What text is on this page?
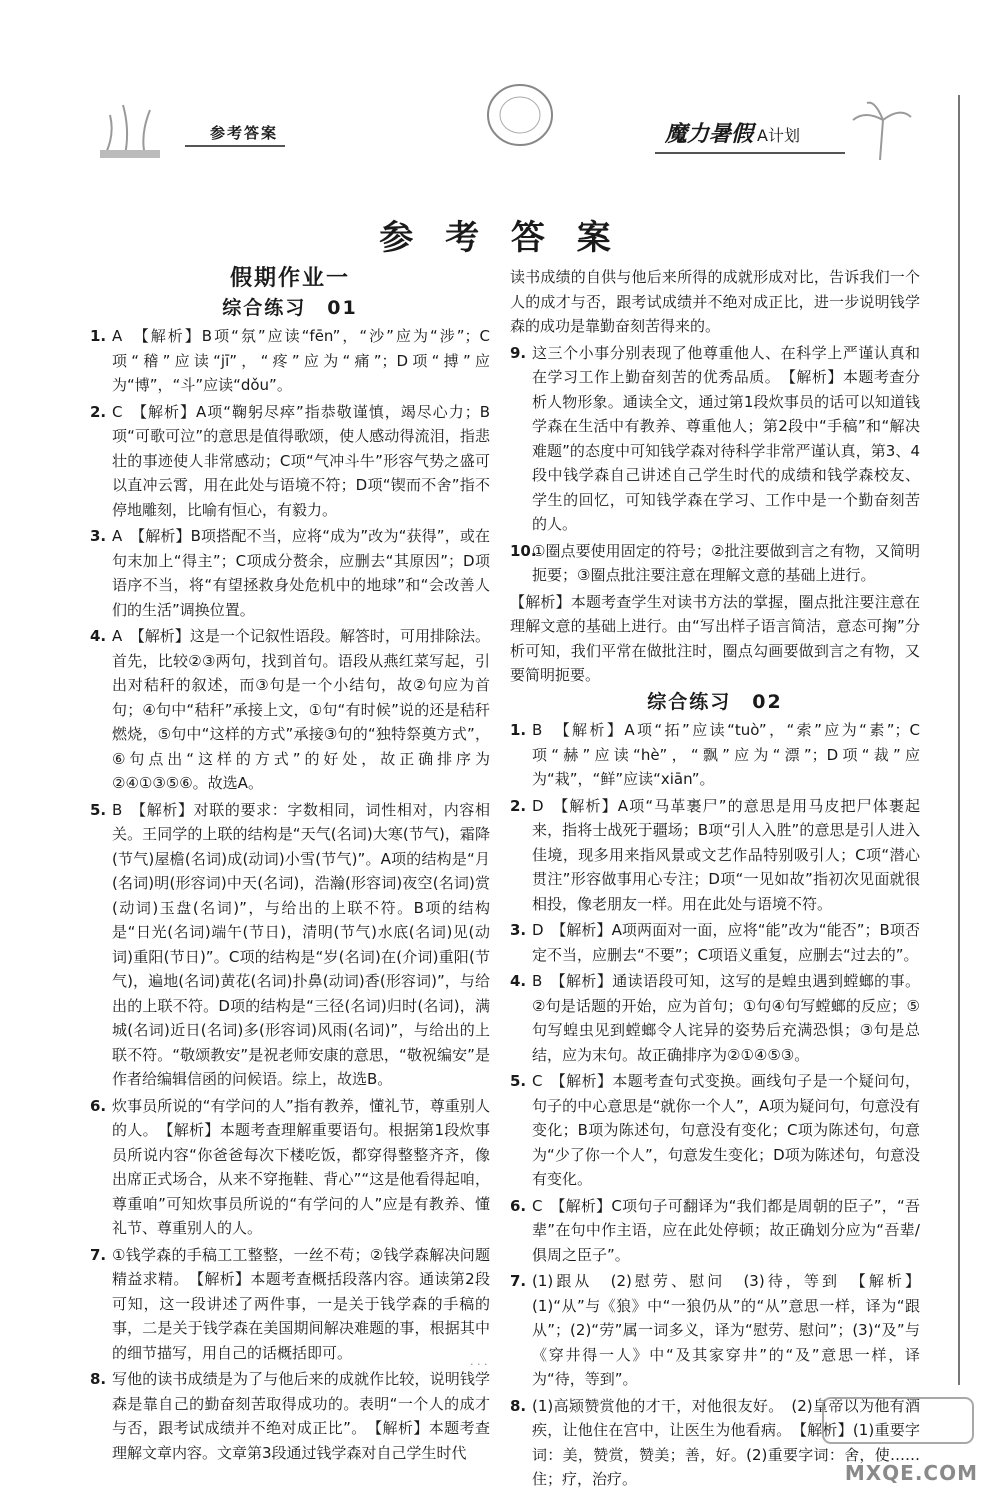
参考答案	魔力暑假 A计划
参 考 答 案
假期作业一
综合练习　01
1. A　【解析】B项“氛”应读“fēn”，“沙”应为“涉”；C项“稽”应读“jī”，“疼”应为“痛”；D项“搏”应为“博”，“斗”应读“dǒu”。
2. C　【解析】A项“鞠躬尽瘁”指恭敬谨慎，竭尽心力；B项“可歌可泣”的意思是值得歌颂，使人感动得流泪，指悲壮的事迹使人非常感动；C项“气冲斗牛”形容气势之盛可以直冲云霄，用在此处与语境不符；D项“锲而不舍”指不停地雕刻，比喻有恒心，有毅力。
3. A　【解析】B项搭配不当，应将“成为”改为“获得”，或在句末加上“得主”；C项成分赘余，应删去“其原因”；D项语序不当，将“有望拯救身处危机中的地球”和“会改善人们的生活”调换位置。
4. A　【解析】这是一个记叙性语段。解答时，可用排除法。首先，比较②③两句，找到首句。语段从燕红菜写起，引出对秸秆的叙述，而③句是一个小结句，故②句应为首句；④句中“秸秆”承接上文，①句“有时候”说的还是秸秆燃烧，⑤句中“这样的方式”承接③句的“独特祭奠方式”，⑥句点出“这样的方式”的好处，故正确排序为②④①③⑤⑥。故选A。
5. B　【解析】对联的要求：字数相同，词性相对，内容相关。王同学的上联的结构是“天气(名词)大寒(节气)，霜降(节气)屋檐(名词)成(动词)小雪(节气)”。A项的结构是“月(名词)明(形容词)中天(名词)，浩瀚(形容词)夜空(名词)赏(动词)玉盘(名词)”，与给出的上联不符。B项的结构是“日光(名词)端午(节日)，清明(节气)水底(名词)见(动词)重阳(节日)”。C项的结构是“岁(名词)在(介词)重阳(节气)，遍地(名词)黄花(名词)扑鼻(动词)香(形容词)”，与给出的上联不符。D项的结构是“三径(名词)归时(名词)，满城(名词)近日(名词)多(形容词)风雨(名词)”，与给出的上联不符。“敬颂教安”是祝老师安康的意思，“敬祝编安”是作者给编辑信函的问候语。综上，故选B。
6. 炊事员所说的“有学问的人”指有教养，懂礼节，尊重别人的人。　【解析】本题考查理解重要语句。根据第1段炊事员所说内容“你爸爸每次下楼吃饭，都穿得整整齐齐，像出席正式场合，从来不穿拖鞋、背心”“这是他看得起咱，尊重咱”可知炊事员所说的“有学问的人”应是有教养、懂礼节、尊重别人的人。
7. ①钱学森的手稿工工整整，一丝不苟；②钱学森解决问题精益求精。　【解析】本题考查概括段落内容。通读第2段可知，这一段讲述了两件事，一是关于钱学森的手稿的事，二是关于钱学森在美国期间解决难题的事，根据其中的细节描写，用自己的话概括即可。
8. 写他的读书成绩是为了与他后来的成就作比较，说明钱学森是靠自己的勤奋刻苦取得成功的。表明“一个人的成才与否，跟考试成绩并不绝对成正比”。　【解析】本题考查理解文章内容。文章第3段通过钱学森对自己学生时代
读书成绩的自供与他后来所得的成就形成对比，告诉我们一个人的成才与否，跟考试成绩并不绝对成正比，进一步说明钱学森的成功是靠勤奋刻苦得来的。
9. 这三个小事分别表现了他尊重他人、在科学上严谨认真和在学习工作上勤奋刻苦的优秀品质。　【解析】本题考查分析人物形象。通读全文，通过第1段炊事员的话可以知道钱学森在生活中有教养、尊重他人；第2段中“手稿”和“解决难题”的态度中可知钱学森对待科学非常严谨认真，第3、4段中钱学森自己讲述自己学生时代的成绩和钱学森校友、学生的回忆，可知钱学森在学习、工作中是一个勤奋刻苦的人。
10.
①圈点要使用固定的符号；②批注要做到言之有物，又简明扼要；③圈点批注要注意在理解文意的基础上进行。
【解析】本题考查学生对读书方法的掌握，圈点批注要注意在理解文意的基础上进行。由“写出样子语言简洁，意态可掬”分析可知，我们平常在做批注时，圈点勾画要做到言之有物，又要简明扼要。
综合练习　02
1. B　【解析】A项“拓”应读“tuò”，“索”应为“素”；C项“赫”应读“hè”，“飘”应为“漂”；D项“裁”应为“栽”，“鲜”应读“xiān”。
2. D　【解析】A项“马革裹尸”的意思是用马皮把尸体裹起来，指将士战死于疆场；B项“引人入胜”的意思是引人进入佳境，现多用来指风景或文艺作品特别吸引人；C项“潜心贯注”形容做事用心专注；D项“一见如故”指初次见面就很相投，像老朋友一样。用在此处与语境不符。
3. D　【解析】A项两面对一面，应将“能”改为“能否”；B项否定不当，应删去“不要”；C项语义重复，应删去“过去的”。
4. B　【解析】通读语段可知，这写的是蝗虫遇到螳螂的事。②句是话题的开始，应为首句；①句④句写螳螂的反应；⑤句写蝗虫见到螳螂令人诧异的姿势后充满恐惧；③句是总结，应为末句。故正确排序为②①④⑤③。
5. C　【解析】本题考查句式变换。画线句子是一个疑问句，句子的中心意思是“就你一个人”，A项为疑问句，句意没有变化；B项为陈述句，句意没有变化；C项为陈述句，句意为“少了你一个人”，句意发生变化；D项为陈述句，句意没有变化。
6. C　【解析】C项句子可翻译为“我们都是周朝的臣子”，“吾辈”在句中作主语，应在此处停顿；故正确划分应为“吾辈/俱周之臣子”。
7. (1)跟从　(2)慰劳、慰问　(3)待，等到　【解析】(1)“从”与《狼》中“一狼仍从”的“从”意思一样，译为“跟从”；(2)“劳”属一词多义，译为“慰劳、慰问”；(3)“及”与《穿井得一人》中“及其家穿井”的“及”意思一样，译为“待，等到”。
8. (1)高颎赞赏他的才干，对他很友好。　(2)皇帝以为他有酒疾，让他住在宫中，让医生为他看病。　【解析】(1)重要字词：美，赞赏，赞美；善，好。(2)重要字词：舍，使……住；疗，治疗。
· · ·
MXQE.COM
